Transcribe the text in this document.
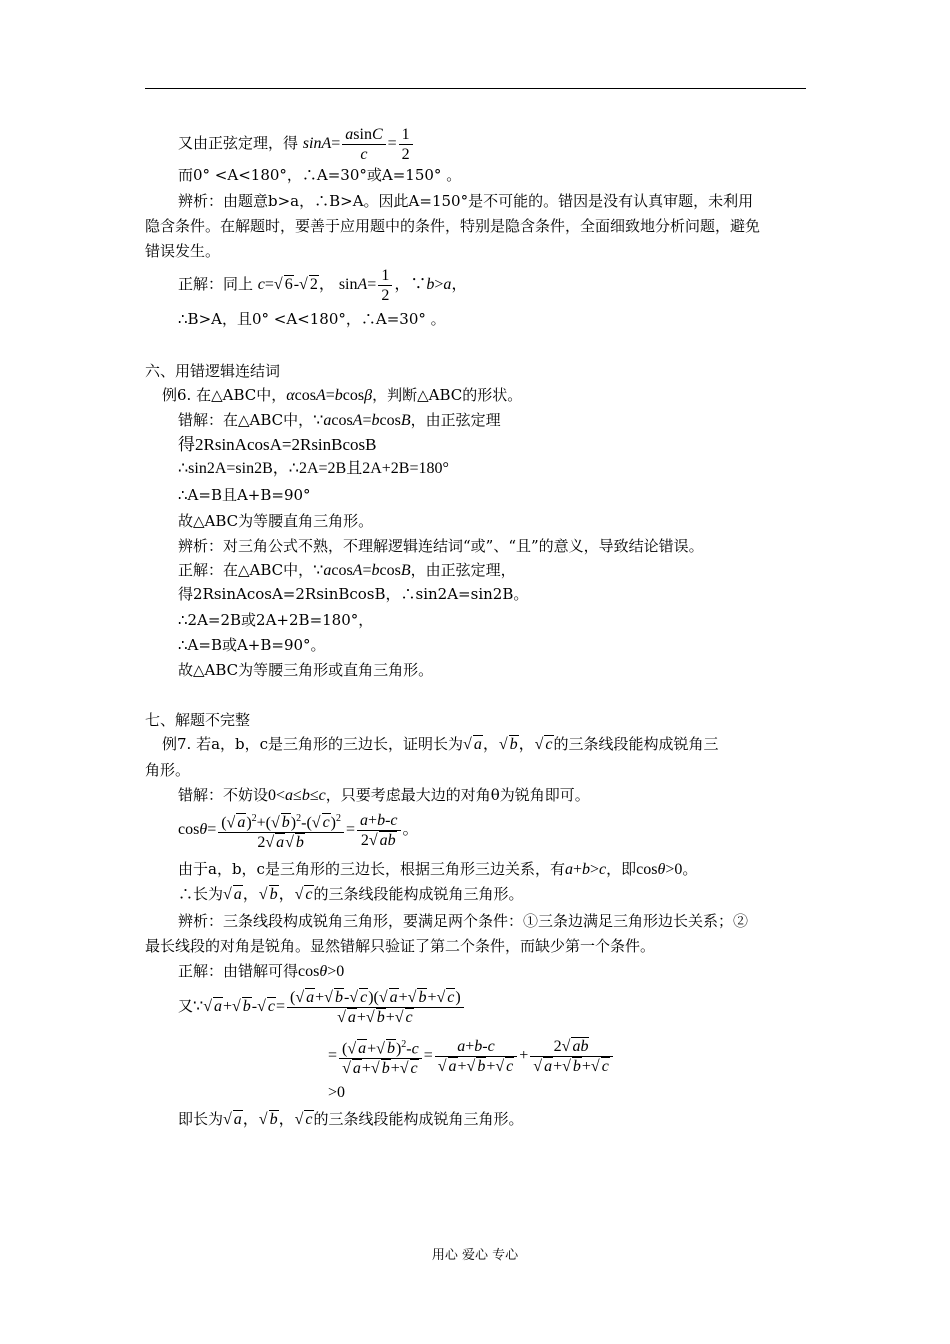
又由正弦定理，得 $\sin A= \frac{asinC}{c} = \frac{1}{2}$
而0° <A<180°，∴A=30°或A=150° 。
辨析：由题意b>a，∴B>A。因此A=150°是不可能的。错因是没有认真审题，未利用
隐含条件。在解题时，要善于应用题中的条件，特别是隐含条件，全面细致地分析问题，避免
错误发生。
正解：同上 c=√ 6-√ 2， $\sin A= \frac{1}{2}$ ，∵b>a，
∴B>A，且0° <A<180°，∴A=30° 。
六、用错逻辑连结词
例6. 在△ABC中，αcosA=bcosβ，判断△ABC的形状。
错解：在△ABC中，∵acosA=bcosB，由正弦定理
得2RsinAcosA=2RsinBcosB
∴sin2A=sin2B，∴2A=2B且2A+2B=180°
∴A=B且A+B=90°
故△ABC为等腰直角三角形。
辨析：对三角公式不熟，不理解逻辑连结词“或”、“且”的意义，导致结论错误。
正解：在△ABC中，∵acosA=bcosB，由正弦定理，
得2RsinAcosA=2RsinBcosB，∴sin2A=sin2B。
∴2A=2B或2A+2B=180°，
∴A=B或A+B=90°。
故△ABC为等腰三角形或直角三角形。
七、解题不完整
例7. 若a，b，c是三角形的三边长，证明长为√ a，√ b，√ c的三条线段能构成锐角三
角形。
错解：不妨设0<a≤b≤c，只要考虑最大边的对角θ为锐角即可。
$\cos\theta= \frac{(√ a)^2+(√ b)^2-(√ c)^2}{2√ a√ b} = \frac{a+b-c}{2√ ab}$ 。
由于a，b，c是三角形的三边长，根据三角形三边关系，有a+b>c，即cosθ>0。
∴长为√ a，√ b，√ c的三条线段能构成锐角三角形。
辨析：三条线段构成锐角三角形，要满足两个条件：①三条边满足三角形边长关系；②
最长线段的对角是锐角。显然错解只验证了第二个条件，而缺少第一个条件。
正解：由错解可得cosθ>0
又∵√ a+√ b-√ $c= \frac{(√ a+√ b-√ c)(√ a+√ b+√ c)}{√ a+√ b+√ c}$
= $\frac{(√ a+√ b)^2-c}{√ a+√ b+√ c} = \frac{a+b-c}{√ a+√ b+√ c} + \frac{2√ ab}{√ a+√ b+√ c}$
>0
即长为√ a，√ b，√ c的三条线段能构成锐角三角形。
用心 爱心 专心
